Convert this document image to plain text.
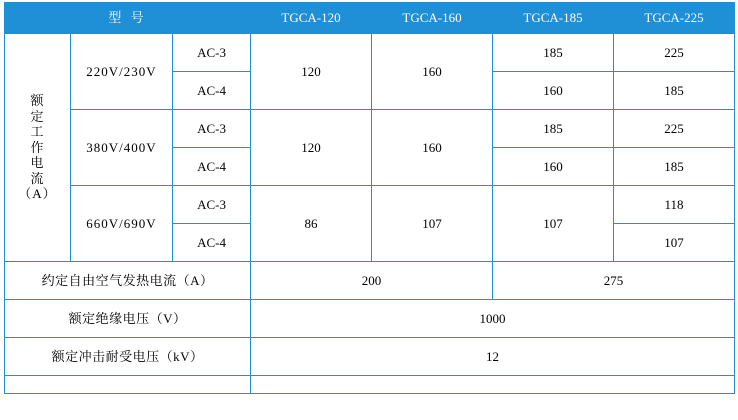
型 号			TGCA-120	TGCA-160	TGCA-185	TGCA-225

额
定
工
作
电
流
（A）
	220V/230V	AC-3	120	160	185	225
		AC-4			160	185
	380V/400V	AC-3	120	160	185	225
		AC-4			160	185
	660V/690V	AC-3	86	107	107	118
		AC-4				107
约定自由空气发热电流（A）			200		275	
额定绝缘电压（V）			1000			
额定冲击耐受电压（kV）			12			
